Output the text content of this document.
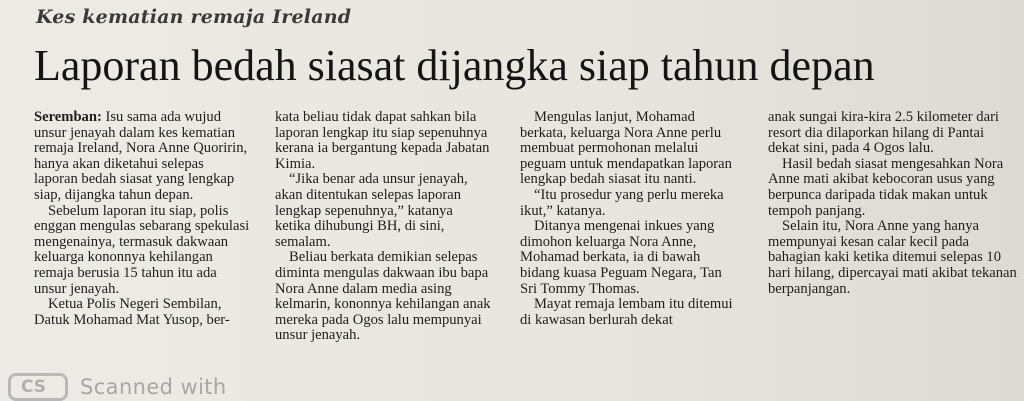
Kes kematian remaja Ireland
Laporan bedah siasat dijangka siap tahun depan

Seremban: Isu sama ada wujud unsur jenayah dalam kes kematian remaja Ireland, Nora Anne Quoririn, hanya akan diketahui selepas laporan bedah siasat yang lengkap siap, dijangka tahun depan.

Sebelum laporan itu siap, polis enggan mengulas sebarang spekulasi mengenainya, termasuk dakwaan keluarga kononnya kehilangan remaja berusia 15 tahun itu ada unsur jenayah.

Ketua Polis Negeri Sembilan, Datuk Mohamad Mat Yusop, ber-

kata beliau tidak dapat sahkan bila laporan lengkap itu siap sepenuhnya kerana ia bergantung kepada Jabatan Kimia.

“Jika benar ada unsur jenayah, akan ditentukan selepas laporan lengkap sepenuhnya,” katanya ketika dihubungi BH, di sini, semalam.

Beliau berkata demikian selepas diminta mengulas dakwaan ibu bapa Nora Anne dalam media asing kelmarin, kononnya kehilangan anak mereka pada Ogos lalu mempunyai unsur jenayah.

Mengulas lanjut, Mohamad berkata, keluarga Nora Anne perlu membuat permohonan melalui peguam untuk mendapatkan laporan lengkap bedah siasat itu nanti.

“Itu prosedur yang perlu mereka ikut,” katanya.

Ditanya mengenai inkues yang dimohon keluarga Nora Anne, Mohamad berkata, ia di bawah bidang kuasa Peguam Negara, Tan Sri Tommy Thomas.

Mayat remaja lembam itu ditemui di kawasan berlurah dekat

anak sungai kira-kira 2.5 kilometer dari resort dia dilaporkan hilang di Pantai dekat sini, pada 4 Ogos lalu.

Hasil bedah siasat mengesahkan Nora Anne mati akibat kebocoran usus yang berpunca daripada tidak makan untuk tempoh panjang.

Selain itu, Nora Anne yang hanya mempunyai kesan calar kecil pada bahagian kaki ketika ditemui selepas 10 hari hilang, dipercayai mati akibat tekanan berpanjangan.

CS Scanned with
